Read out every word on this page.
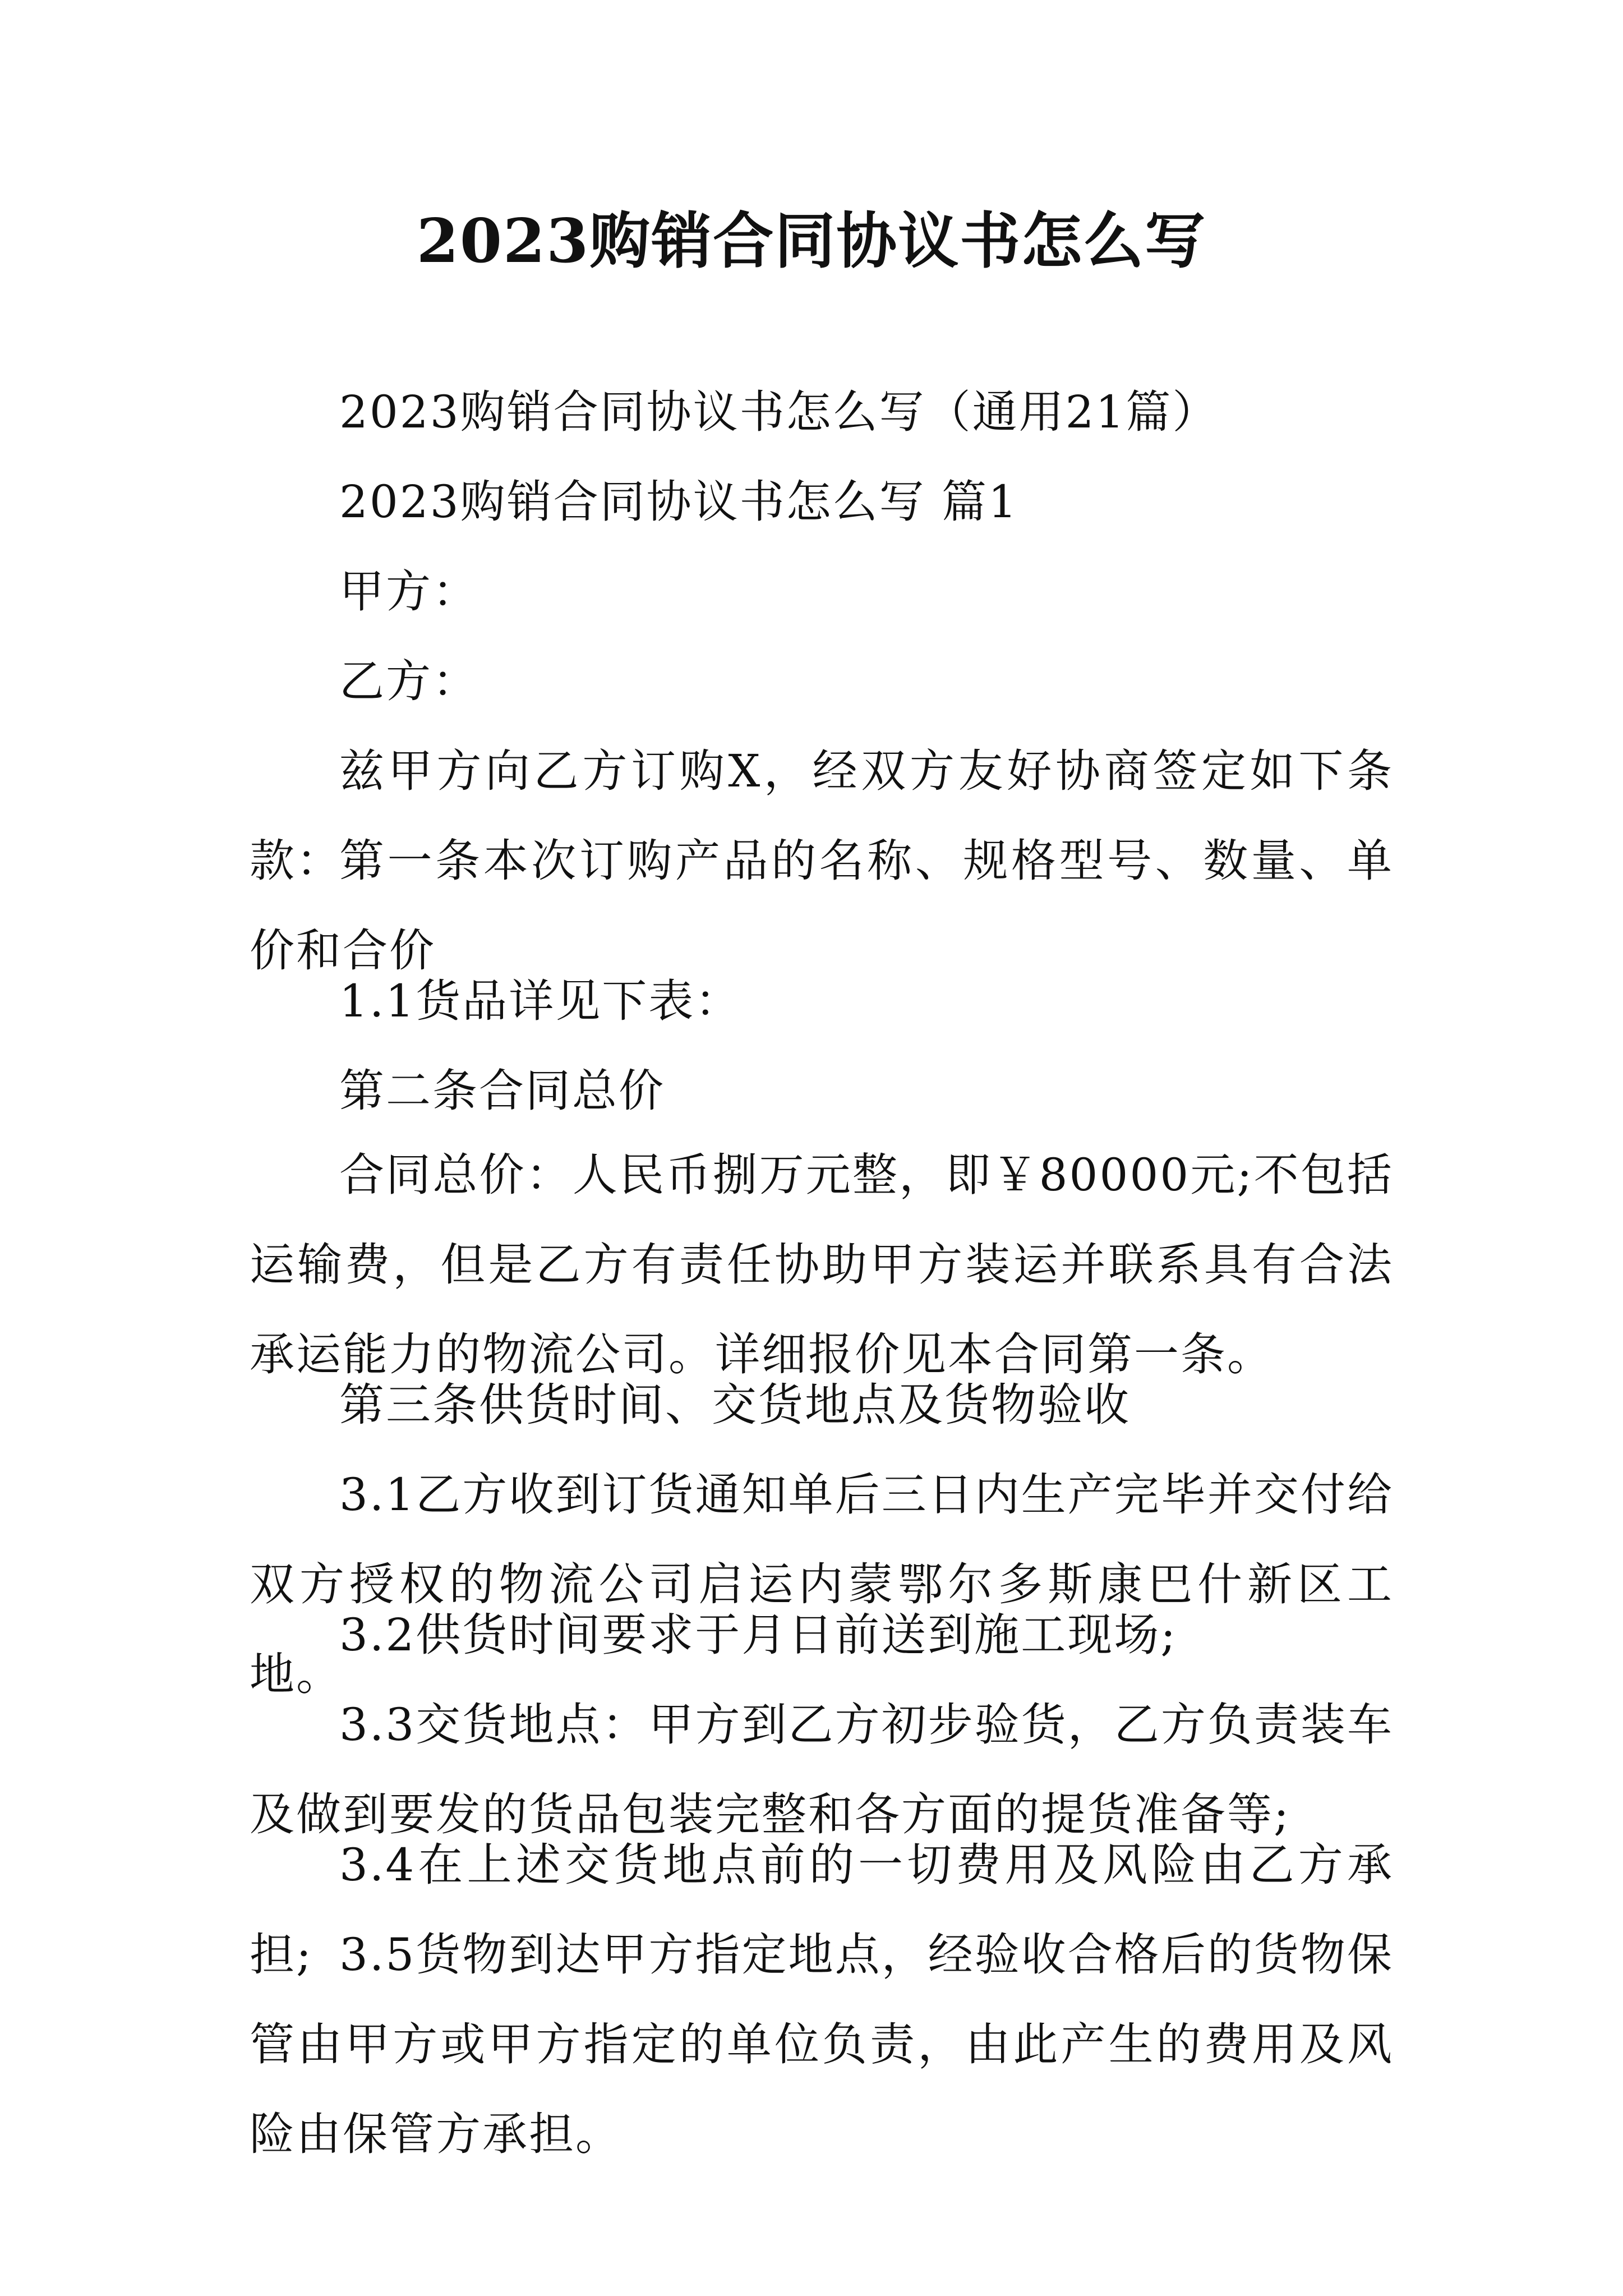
2023购销合同协议书怎么写

2023购销合同协议书怎么写（通用21篇）

2023购销合同协议书怎么写 篇1

甲方：

乙方：

兹甲方向乙方订购X，经双方友好协商签定如下条款：

第一条本次订购产品的名称、规格型号、数量、单价和合价

1.1货品详见下表：

第二条合同总价

合同总价：人民币捌万元整，即￥80000元;不包括运输费，但是乙方有责任协助甲方装运并联系具有合法承运能力的物流公司。详细报价见本合同第一条。

第三条供货时间、交货地点及货物验收

3.1乙方收到订货通知单后三日内生产完毕并交付给双方授权的物流公司启运内蒙鄂尔多斯康巴什新区工地。

3.2供货时间要求于月日前送到施工现场;

3.3交货地点：甲方到乙方初步验货，乙方负责装车及做到要发的货品包装完整和各方面的提货准备等;

3.4在上述交货地点前的一切费用及风险由乙方承担; 3.5货物到达甲方指定地点，经验收合格后的货物保管由甲方或甲方指定的单位负责，由此产生的费用及风险由保管方承担。
